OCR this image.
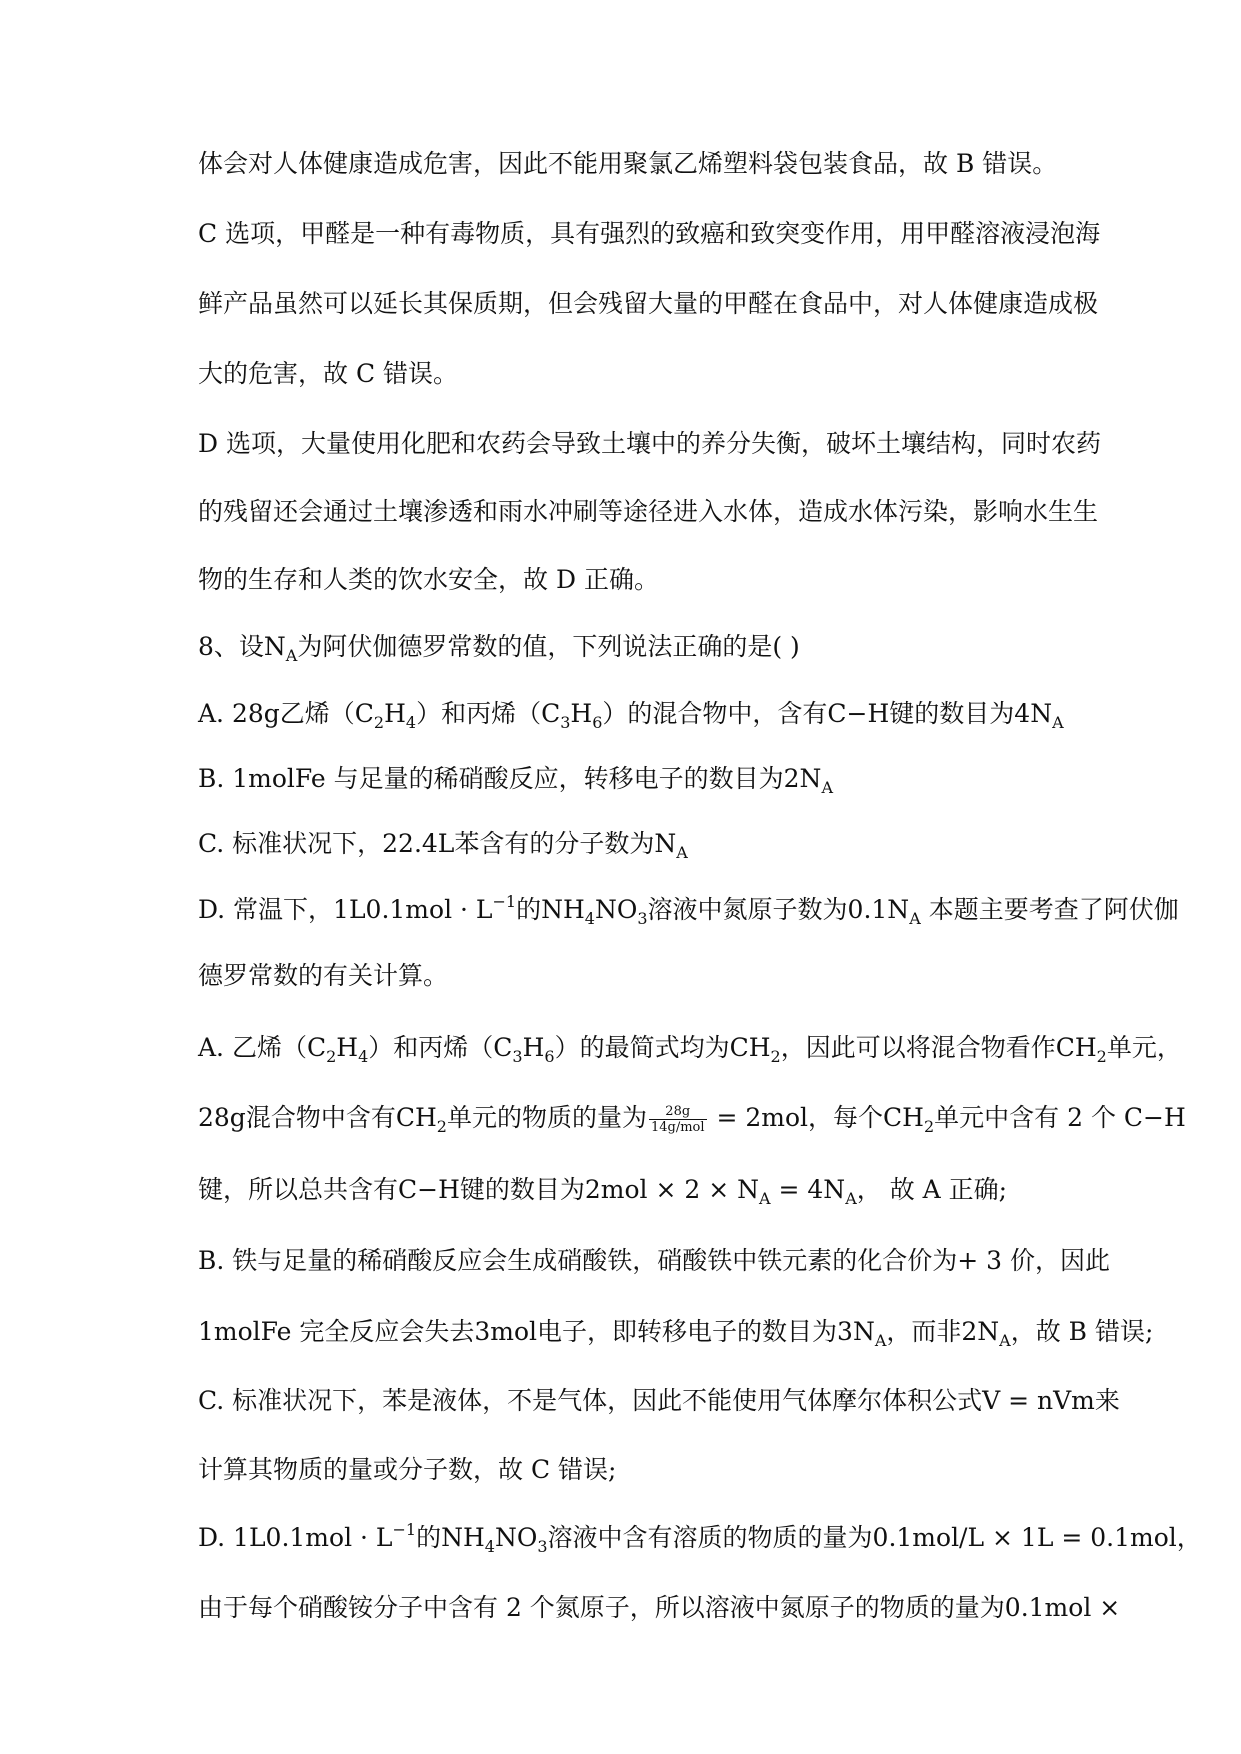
体会对人体健康造成危害，因此不能用聚氯乙烯塑料袋包装食品，故 B 错误。
C 选项，甲醛是一种有毒物质，具有强烈的致癌和致突变作用，用甲醛溶液浸泡海
鲜产品虽然可以延长其保质期，但会残留大量的甲醛在食品中，对人体健康造成极
大的危害，故 C 错误。
D 选项，大量使用化肥和农药会导致土壤中的养分失衡，破坏土壤结构，同时农药
的残留还会通过土壤渗透和雨水冲刷等途径进入水体，造成水体污染，影响水生生
物的生存和人类的饮水安全，故 D 正确。
8、设$N_A$为阿伏伽德罗常数的值，下列说法正确的是( )
A. 28g乙烯$(C_2H_4)$和丙烯$(C_3H_6)$的混合物中，含有C−H键的数目为$4N_A$
B. 1molFe 与足量的稀硝酸反应，转移电子的数目为$2N_A$
C. 标准状况下，22.4L苯含有的分子数为$N_A$
D. 常温下，$1L0.1mol \cdot L^{-1}$的$NH_4NO_3$溶液中氮原子数为$0.1N_A$ 本题主要考查了阿伏伽
德罗常数的有关计算。
A. 乙烯$(C_2H_4)$和丙烯$(C_3H_6)$的最简式均为$CH_2$，因此可以将混合物看作$CH_2$单元，
28g混合物中含有$CH_2$单元的物质的量为 $\frac{28g}{\text{14g/mol}} = 2mol$，每个$CH_2$单元中含有 2 个 C−H
键，所以总共含有C−H键的数目为$2mol \times 2 \times N_A = 4N_A$， 故 A 正确;
B. 铁与足量的稀硝酸反应会生成硝酸铁，硝酸铁中铁元素的化合价为+ 3 价，因此
1molFe 完全反应会失去3mol电子，即转移电子的数目为$3N_A$，而非$2N_A$，故 B 错误;
C. 标准状况下，苯是液体，不是气体，因此不能使用气体摩尔体积公式V = nVm来
计算其物质的量或分子数，故 C 错误;
D. $1L0.1mol \cdot L^{-1}$的$NH_4NO_3$溶液中含有溶质的物质的量为0.1mol/L × 1L = 0.1mol，
由于每个硝酸铵分子中含有 2 个氮原子，所以溶液中氮原子的物质的量为0.1mol ×
